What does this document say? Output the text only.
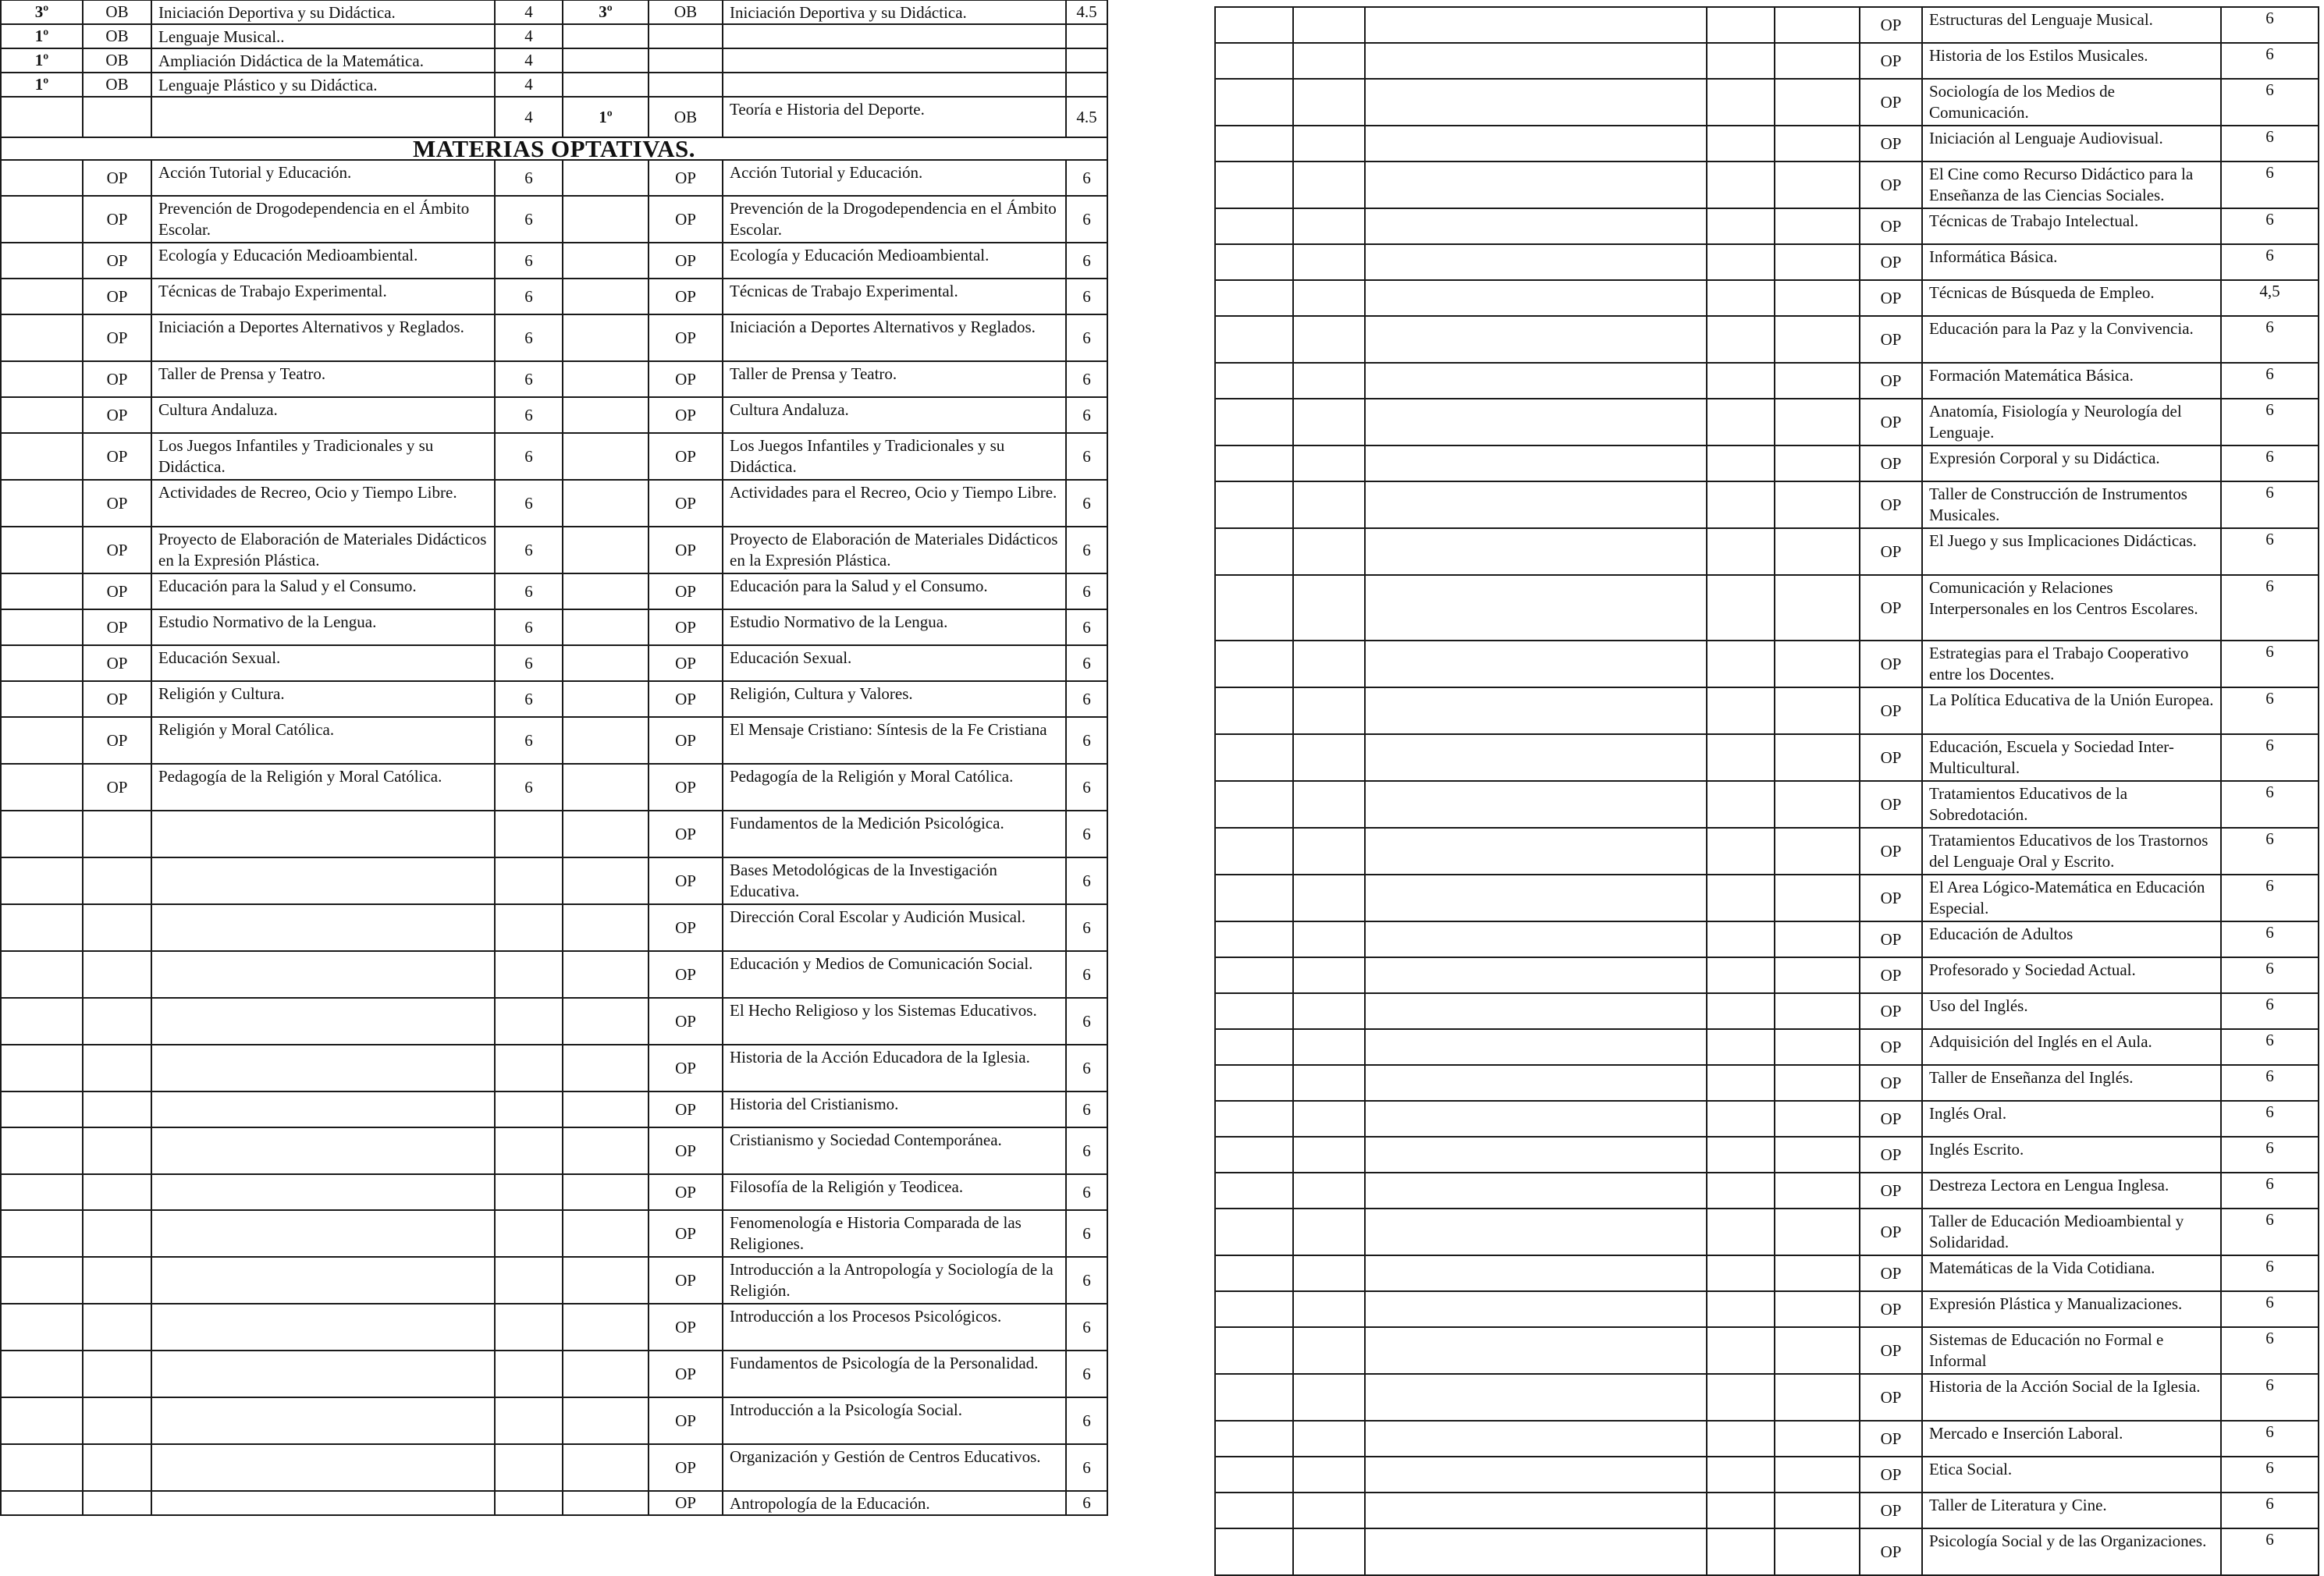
3º	OB	Iniciación Deportiva y su Didáctica.	4	3º	OB	Iniciación Deportiva y su Didáctica.	4.5
1º	OB	Lenguaje Musical..	4				
1º	OB	Ampliación Didáctica de la Matemática.	4				
1º	OB	Lenguaje Plástico y su Didáctica.	4				
			4	1º	OB	Teoría e Historia del Deporte.	4.5
MATERIAS OPTATIVAS.							
	OP	Acción Tutorial y Educación.	6		OP	Acción Tutorial y Educación.	6
	OP	Prevención de Drogodependencia en el Ámbito Escolar.	6		OP	Prevención de la Drogodependencia en el Ámbito Escolar.	6
	OP	Ecología y Educación Medioambiental.	6		OP	Ecología y Educación Medioambiental.	6
	OP	Técnicas de Trabajo Experimental.	6		OP	Técnicas de Trabajo Experimental.	6
	OP	Iniciación a Deportes Alternativos y Reglados.	6		OP	Iniciación a Deportes Alternativos y Reglados.	6
	OP	Taller de Prensa y Teatro.	6		OP	Taller de Prensa y Teatro.	6
	OP	Cultura Andaluza.	6		OP	Cultura Andaluza.	6
	OP	Los Juegos Infantiles y Tradicionales y su Didáctica.	6		OP	Los Juegos Infantiles y Tradicionales y su Didáctica.	6
	OP	Actividades de Recreo, Ocio y Tiempo Libre.	6		OP	Actividades para el Recreo, Ocio y Tiempo Libre.	6
	OP	Proyecto de Elaboración de Materiales Didácticos en la Expresión Plástica.	6		OP	Proyecto de Elaboración de Materiales Didácticos en la Expresión Plástica.	6
	OP	Educación para la Salud y el Consumo.	6		OP	Educación para la Salud y el Consumo.	6
	OP	Estudio Normativo de la Lengua.	6		OP	Estudio Normativo de la Lengua.	6
	OP	Educación Sexual.	6		OP	Educación Sexual.	6
	OP	Religión y Cultura.	6		OP	Religión, Cultura y Valores.	6
	OP	Religión y Moral Católica.	6		OP	El Mensaje Cristiano: Síntesis de la Fe Cristiana	6
	OP	Pedagogía de la Religión y Moral Católica.	6		OP	Pedagogía de la Religión y Moral Católica.	6
					OP	Fundamentos de la Medición Psicológica.	6
					OP	Bases Metodológicas de la Investigación Educativa.	6
					OP	Dirección Coral Escolar y Audición Musical.	6
					OP	Educación y Medios de Comunicación Social.	6
					OP	El Hecho Religioso y los Sistemas Educativos.	6
					OP	Historia de la Acción Educadora de la Iglesia.	6
					OP	Historia del Cristianismo.	6
					OP	Cristianismo y Sociedad Contemporánea.	6
					OP	Filosofía de la Religión y Teodicea.	6
					OP	Fenomenología e Historia Comparada de las Religiones.	6
					OP	Introducción a la Antropología y Sociología de la Religión.	6
					OP	Introducción a los Procesos Psicológicos.	6
					OP	Fundamentos de Psicología de la Personalidad.	6
					OP	Introducción a la Psicología Social.	6
					OP	Organización y Gestión de Centros Educativos.	6
					OP	Antropología de la Educación.	6
					OP	Estructuras del Lenguaje Musical.	6
					OP	Historia de los Estilos Musicales.	6
					OP	Sociología de los Medios de Comunicación.	6
					OP	Iniciación al Lenguaje Audiovisual.	6
					OP	El Cine como Recurso Didáctico para la Enseñanza de las Ciencias Sociales.	6
					OP	Técnicas de Trabajo Intelectual.	6
					OP	Informática Básica.	6
					OP	Técnicas de Búsqueda de Empleo.	4,5
					OP	Educación para la Paz y la Convivencia.	6
					OP	Formación Matemática Básica.	6
					OP	Anatomía, Fisiología y Neurología del Lenguaje.	6
					OP	Expresión Corporal y su Didáctica.	6
					OP	Taller de Construcción de Instrumentos Musicales.	6
					OP	El Juego y sus Implicaciones Didácticas.	6
					OP	Comunicación y Relaciones Interpersonales en los Centros Escolares.	6
					OP	Estrategias para el Trabajo Cooperativo entre los Docentes.	6
					OP	La Política Educativa de la Unión Europea.	6
					OP	Educación, Escuela y Sociedad Inter-Multicultural.	6
					OP	Tratamientos Educativos de la Sobredotación.	6
					OP	Tratamientos Educativos de los Trastornos del Lenguaje Oral y Escrito.	6
					OP	El Area Lógico-Matemática en Educación Especial.	6
					OP	Educación de Adultos	6
					OP	Profesorado y Sociedad Actual.	6
					OP	Uso del Inglés.	6
					OP	Adquisición del Inglés en el Aula.	6
					OP	Taller de Enseñanza del Inglés.	6
					OP	Inglés Oral.	6
					OP	Inglés Escrito.	6
					OP	Destreza Lectora en Lengua Inglesa.	6
					OP	Taller de Educación Medioambiental y Solidaridad.	6
					OP	Matemáticas de la Vida Cotidiana.	6
					OP	Expresión Plástica y Manualizaciones.	6
					OP	Sistemas de Educación no Formal e Informal	6
					OP	Historia de la Acción Social de la Iglesia.	6
					OP	Mercado e Inserción Laboral.	6
					OP	Etica Social.	6
					OP	Taller de Literatura y Cine.	6
					OP	Psicología Social y de las Organizaciones.	6
